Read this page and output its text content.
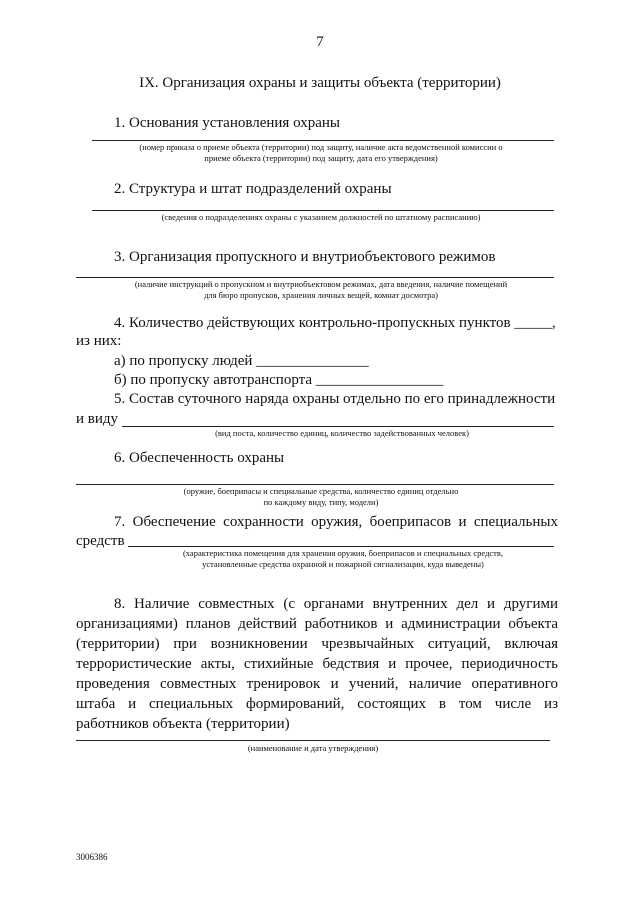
7
IX. Организация охраны и защиты объекта (территории)
1. Основания установления охраны
(номер приказа о приеме объекта (территории) под защиту, наличие акта ведомственной комиссии о
приеме объекта (территории) под защиту, дата его утверждения)
2. Структура и штат подразделений охраны
(сведения о подразделениях охраны с указанием должностей по штатному расписанию)
3. Организация пропускного и внутриобъектового режимов
(наличие инструкций о пропускном и внутриобъектовом режимах, дата введения, наличие помещений
для бюро пропусков, хранения личных вещей, комнат досмотра)
4. Количество действующих контрольно-пропускных пунктов _____,
из них:
а) по пропуску людей _______________
б) по пропуску автотранспорта _________________
5. Состав суточного наряда охраны отдельно по его принадлежности
и виду
(вид поста, количество единиц, количество задействованных человек)
6. Обеспеченность охраны
(оружие, боеприпасы и специальные средства, количество единиц отдельно
по каждому виду, типу, модели)
7. Обеспечение сохранности оружия, боеприпасов и специальных
средств
(характеристика помещения для хранения оружия, боеприпасов и специальных средств,
установленные средства охранной и пожарной сигнализации, куда выведены)
8. Наличие совместных (с органами внутренних дел и другими
организациями) планов действий работников и администрации объекта
(территории) при возникновении чрезвычайных ситуаций, включая
террористические акты, стихийные бедствия и прочее, периодичность
проведения совместных тренировок и учений, наличие оперативного
штаба и специальных формирований, состоящих в том числе из
работников объекта (территории)
(наименование и дата утверждения)
3006386
